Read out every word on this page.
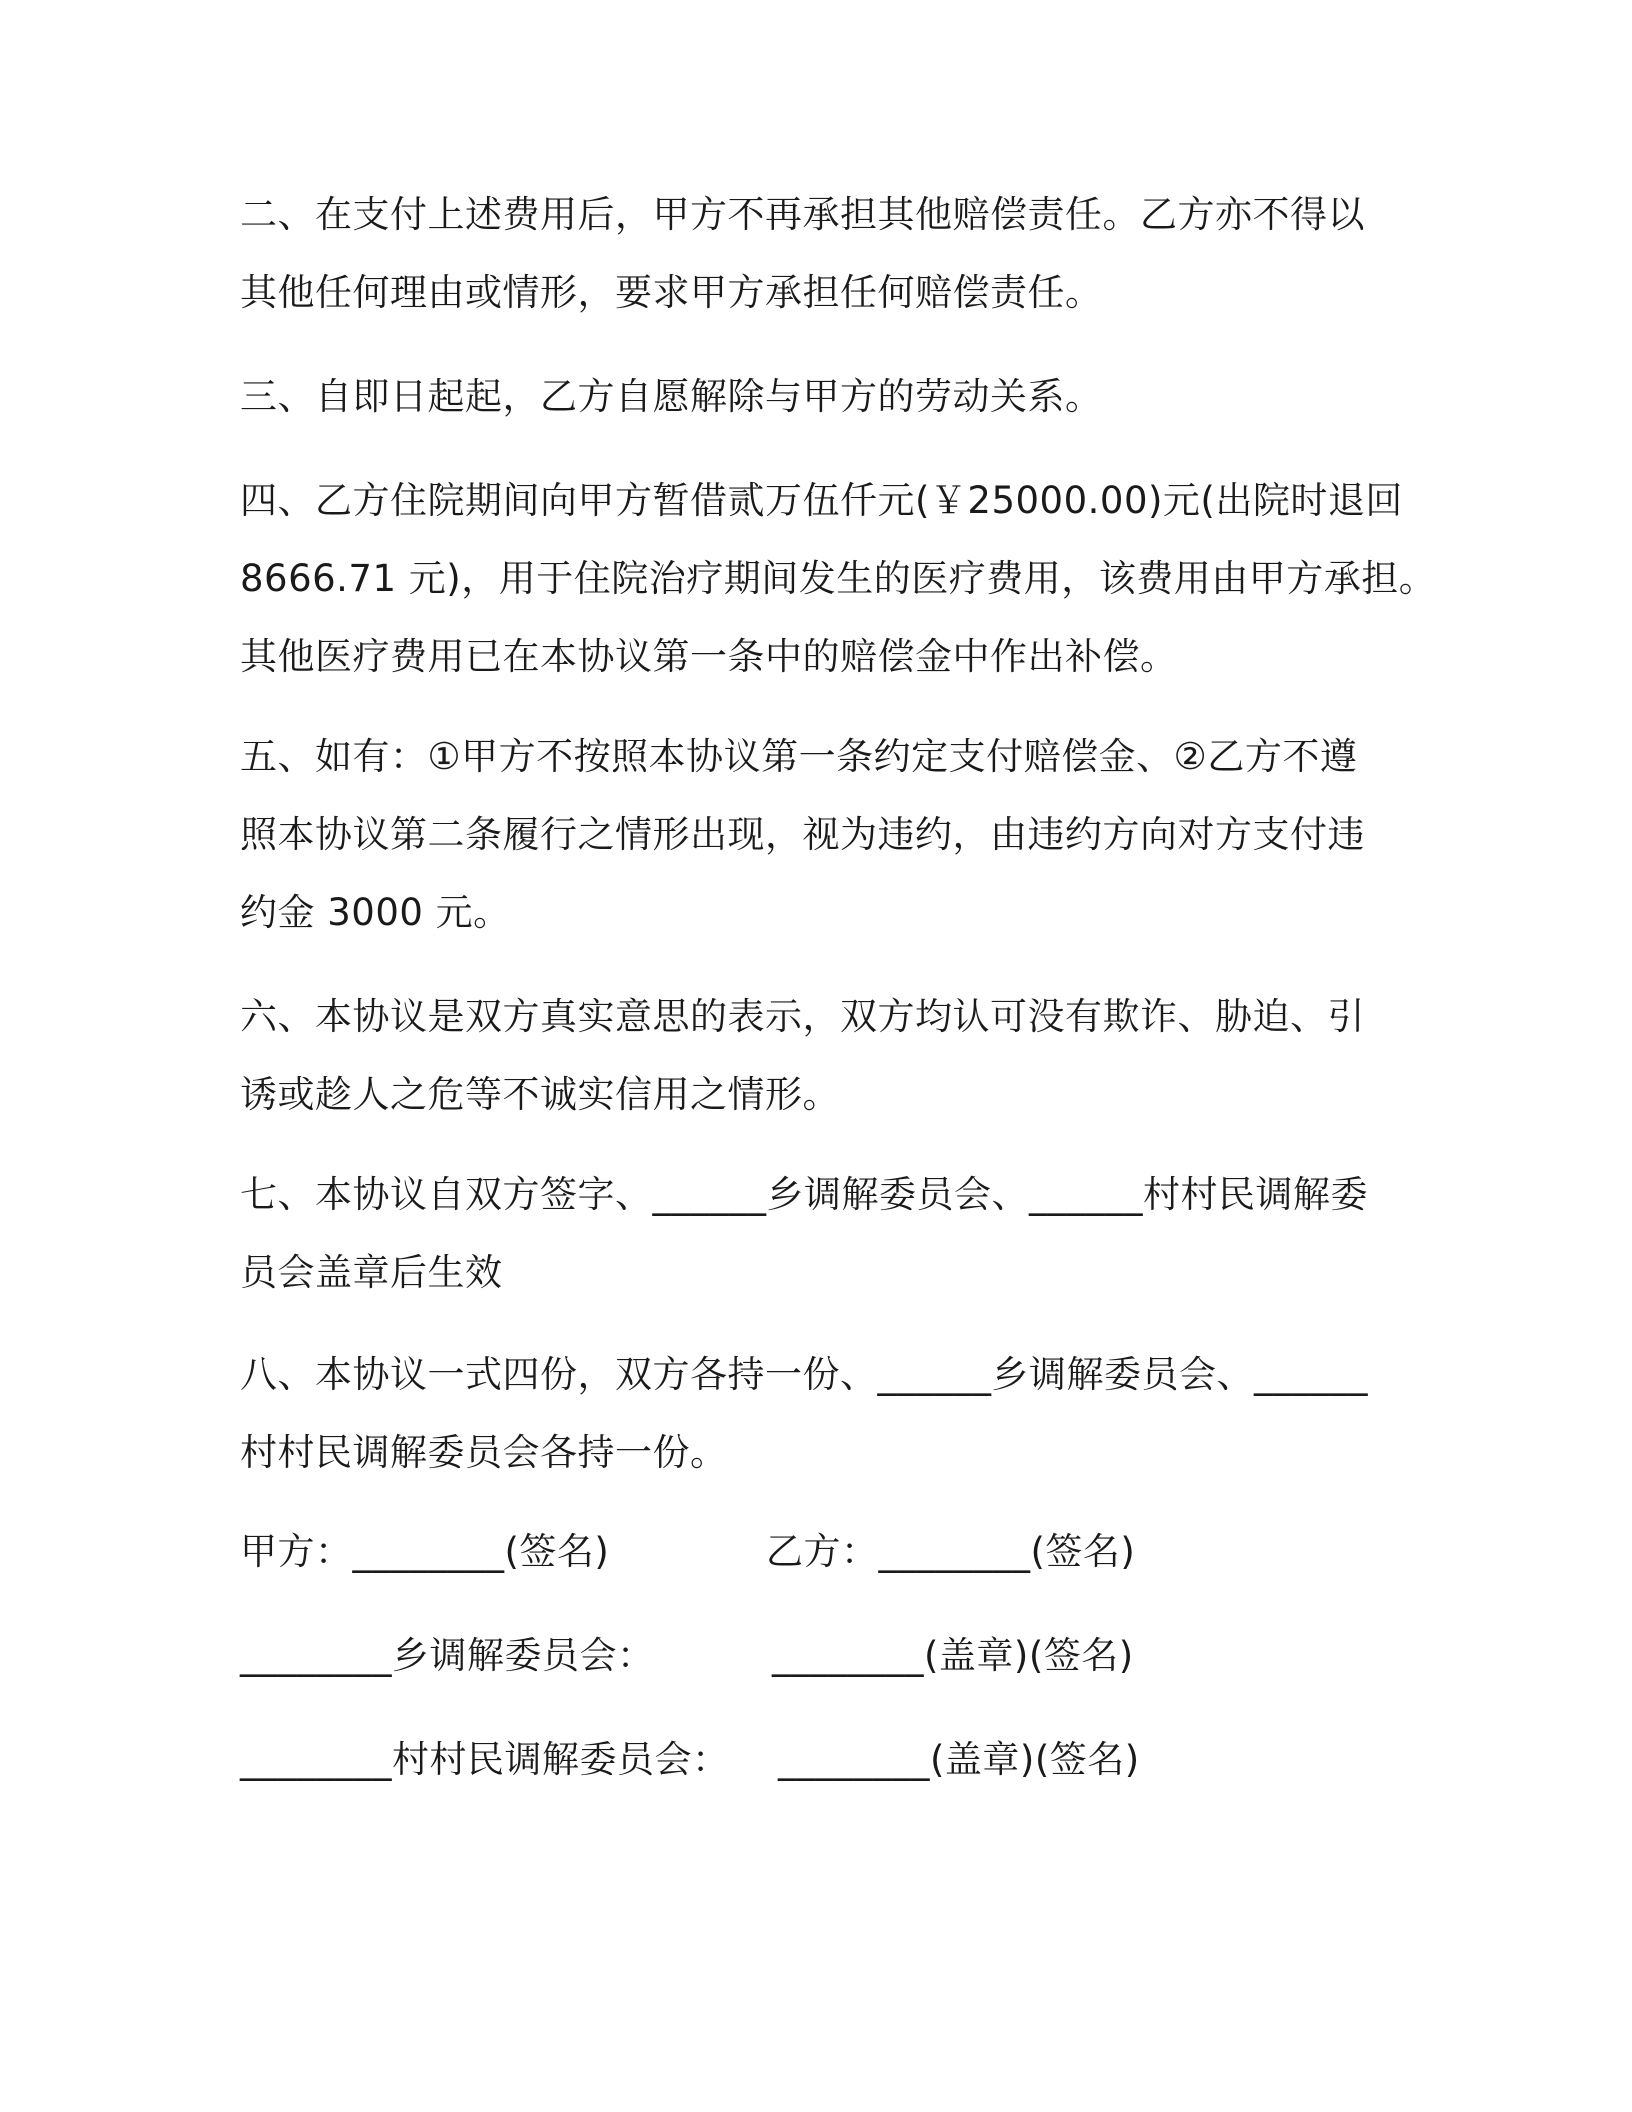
二、在支付上述费用后，甲方不再承担其他赔偿责任。乙方亦不得以
其他任何理由或情形，要求甲方承担任何赔偿责任。

三、自即日起起，乙方自愿解除与甲方的劳动关系。

四、乙方住院期间向甲方暂借贰万伍仟元(￥25000.00)元(出院时退回
8666.71 元)，用于住院治疗期间发生的医疗费用，该费用由甲方承担。
其他医疗费用已在本协议第一条中的赔偿金中作出补偿。

五、如有：①甲方不按照本协议第一条约定支付赔偿金、②乙方不遵
照本协议第二条履行之情形出现，视为违约，由违约方向对方支付违
约金 3000 元。

六、本协议是双方真实意思的表示，双方均认可没有欺诈、胁迫、引
诱或趁人之危等不诚实信用之情形。

七、本协议自双方签字、______乡调解委员会、______村村民调解委
员会盖章后生效

八、本协议一式四份，双方各持一份、______乡调解委员会、______
村村民调解委员会各持一份。

甲方：________(签名)	乙方：________(签名)
________乡调解委员会：	________(盖章)(签名)
________村村民调解委员会： ________(盖章)(签名)
